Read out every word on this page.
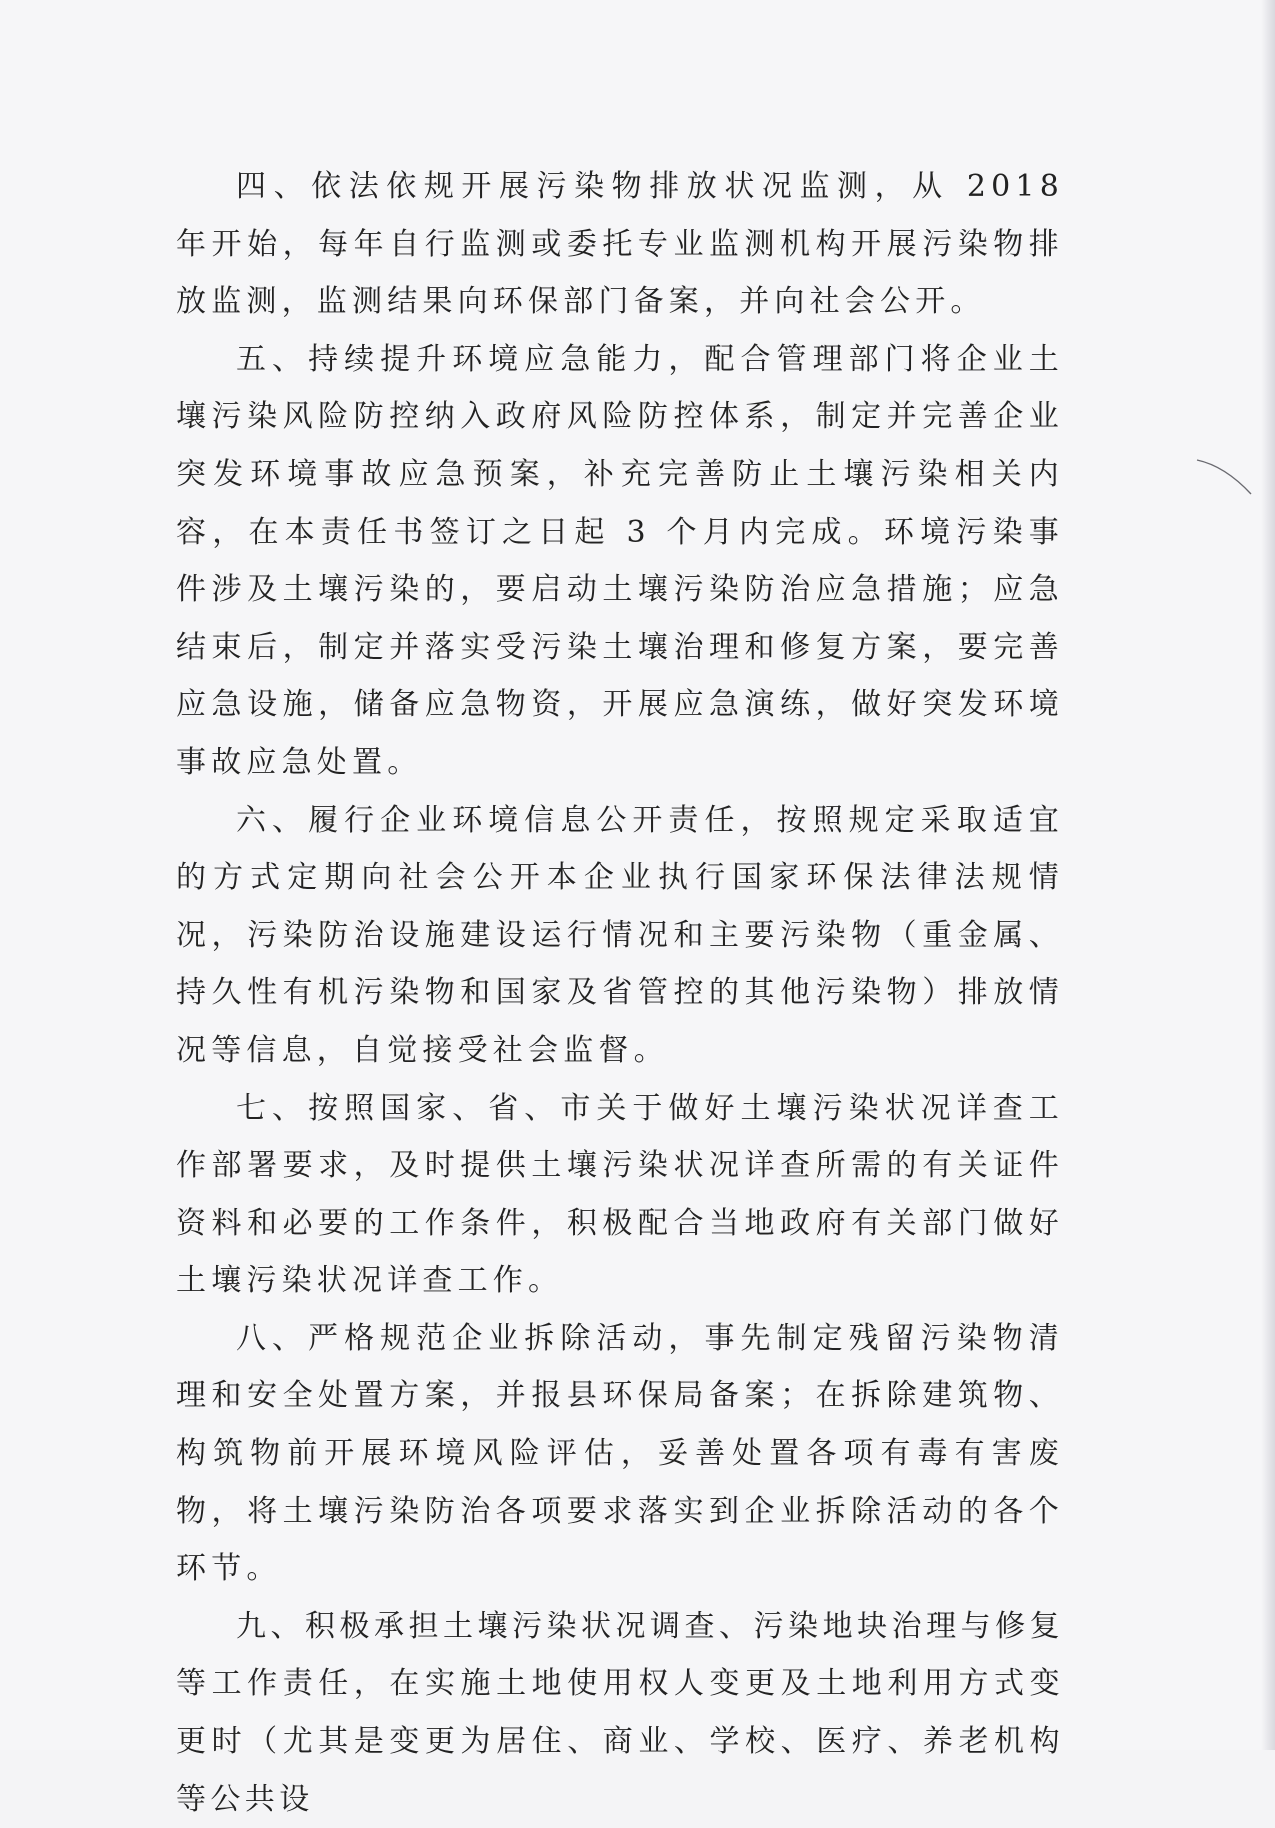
四、依法依规开展污染物排放状况监测，从 2018 年开始，每年自行监测或委托专业监测机构开展污染物排放监测，监测结果向环保部门备案，并向社会公开。

五、持续提升环境应急能力，配合管理部门将企业土壤污染风险防控纳入政府风险防控体系，制定并完善企业突发环境事故应急预案，补充完善防止土壤污染相关内容，在本责任书签订之日起 3 个月内完成。环境污染事件涉及土壤污染的，要启动土壤污染防治应急措施；应急结束后，制定并落实受污染土壤治理和修复方案，要完善应急设施，储备应急物资，开展应急演练，做好突发环境事故应急处置。

六、履行企业环境信息公开责任，按照规定采取适宜的方式定期向社会公开本企业执行国家环保法律法规情况，污染防治设施建设运行情况和主要污染物（重金属、持久性有机污染物和国家及省管控的其他污染物）排放情况等信息，自觉接受社会监督。

七、按照国家、省、市关于做好土壤污染状况详查工作部署要求，及时提供土壤污染状况详查所需的有关证件资料和必要的工作条件，积极配合当地政府有关部门做好土壤污染状况详查工作。

八、严格规范企业拆除活动，事先制定残留污染物清理和安全处置方案，并报县环保局备案；在拆除建筑物、构筑物前开展环境风险评估，妥善处置各项有毒有害废物，将土壤污染防治各项要求落实到企业拆除活动的各个环节。

九、积极承担土壤污染状况调查、污染地块治理与修复等工作责任，在实施土地使用权人变更及土地利用方式变更时（尤其是变更为居住、商业、学校、医疗、养老机构等公共设
